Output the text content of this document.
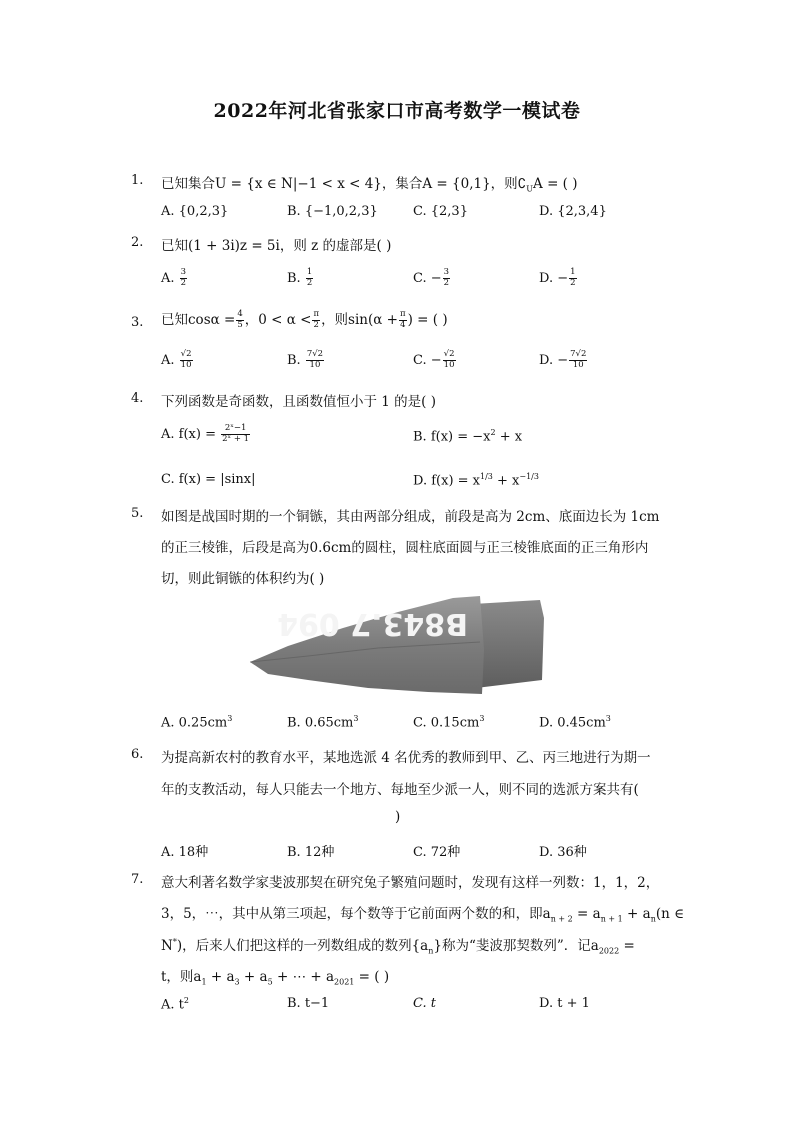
2022年河北省张家口市高考数学一模试卷
1. 已知集合U = {x ∈ N|−1 < x < 4}，集合A = {0,1}，则$∁_UA$ = ( )
A. {0,2,3}	B. {−1,0,2,3}	C. {2,3}	D. {2,3,4}
2. 已知(1 + 3i)z = 5i，则 z 的虚部是( )
A. $\frac{3}{2}$	B. $\frac{1}{2}$	C. − $\frac{3}{2}$	D. − $\frac{1}{2}$
3. 已知$\cos\alpha = \frac{4}{5}$ ，$0 < \alpha < \frac{\pi}{2}$ ，则$\sin(\alpha + \frac{\pi}{4}$ ) = ( )
A. $\frac{√2}{10}$	B. $\frac{7√2}{10}$	C. − $\frac{√2}{10}$	D. − $\frac{7√2}{10}$
4. 下列函数是奇函数，且函数值恒小于 1 的是( )
A. $f(x) = \frac{\text{2ˣ−1}}{\text{2ˣ + 1}}$	B. $f(x) = -x^2 + x$
C. f(x) = |sinx|	D. $f(x) = x^{1/3} + x^{-1/3}$
5. 如图是战国时期的一个铜镞，其由两部分组成，前段是高为 2cm、底面边长为 1cm
的正三棱锥，后段是高为0.6cm的圆柱，圆柱底面圆与正三棱锥底面的正三角形内
切，则此铜镞的体积约为( )
B843.7 094
A. $0.25cm^3$	B. $0.65cm^3$	C. $0.15cm^3$	D. $0.45cm^3$
6. 为提高新农村的教育水平，某地选派 4 名优秀的教师到甲、乙、丙三地进行为期一
年的支教活动，每人只能去一个地方、每地至少派一人，则不同的选派方案共有(
)
A. 18种	B. 12种	C. 72种	D. 36种
7. 意大利著名数学家斐波那契在研究兔子繁殖问题时，发现有这样一列数：1，1，2，
3，5，⋯，其中从第三项起，每个数等于它前面两个数的和，即$a_{n + 2} = a_{n + 1} + a_n(n$ ∈
N*)，后来人们把这样的一列数组成的数列$\{a_n\}$称为“斐波那契数列”．记$a_{2022}$ =
t，则$a_1 + a_3 + a_5$ + ⋯ + $a_{2021}$ = ( )
A. $t^2$	B. t−1	C. t	D. t + 1
